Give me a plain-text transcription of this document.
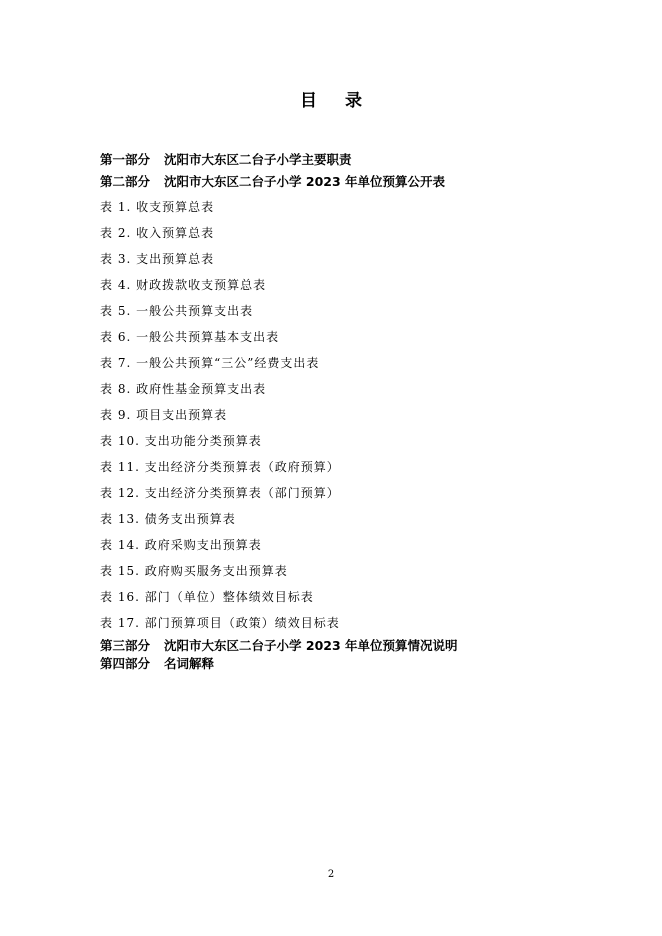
目 录
第一部分 沈阳市大东区二台子小学主要职责
第二部分 沈阳市大东区二台子小学 2023 年单位预算公开表
表 1. 收支预算总表
表 2. 收入预算总表
表 3. 支出预算总表
表 4. 财政拨款收支预算总表
表 5. 一般公共预算支出表
表 6. 一般公共预算基本支出表
表 7. 一般公共预算“三公”经费支出表
表 8. 政府性基金预算支出表
表 9. 项目支出预算表
表 10. 支出功能分类预算表
表 11. 支出经济分类预算表（政府预算）
表 12. 支出经济分类预算表（部门预算）
表 13. 债务支出预算表
表 14. 政府采购支出预算表
表 15. 政府购买服务支出预算表
表 16. 部门（单位）整体绩效目标表
表 17. 部门预算项目（政策）绩效目标表
第三部分 沈阳市大东区二台子小学 2023 年单位预算情况说明
第四部分 名词解释
2
